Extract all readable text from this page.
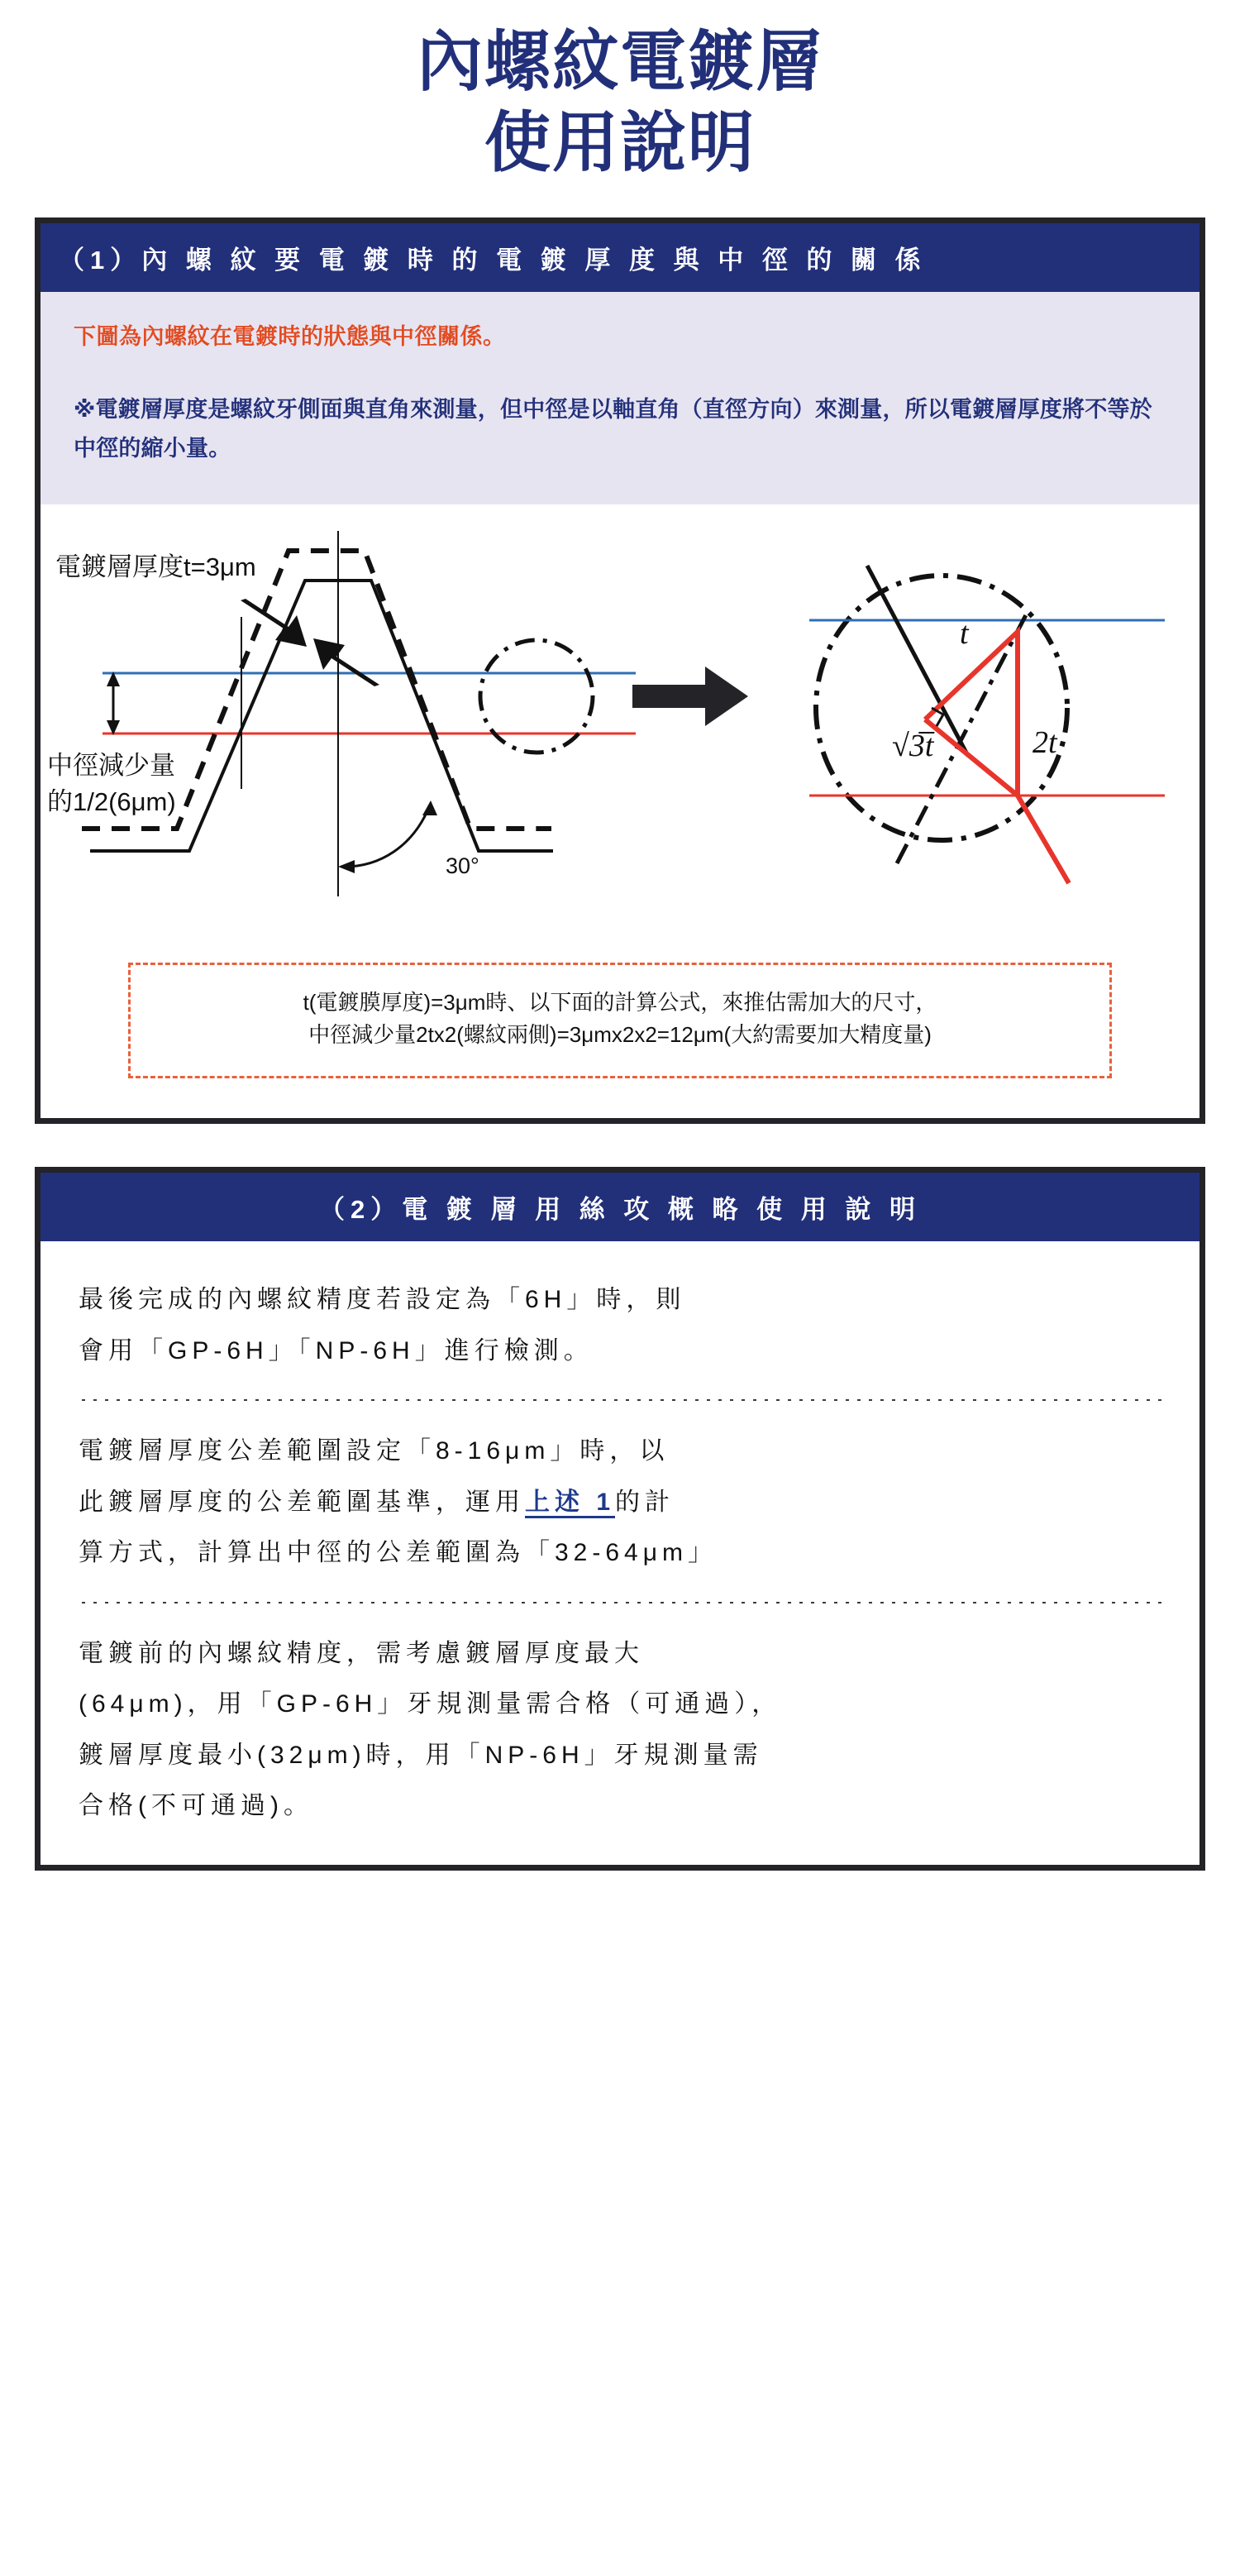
內螺紋電鍍層
使用說明
（1）內 螺 紋 要 電 鍍 時 的 電 鍍 厚 度 與 中 徑 的 關 係

下圖為內螺紋在電鍍時的狀態與中徑關係。

※電鍍層厚度是螺紋牙側面與直角來測量，但中徑是以軸直角（直徑方向）來測量，所以電鍍層厚度將不等於中徑的縮小量。

電鍍層厚度t=3μm
中徑減少量
的1/2(6μm)
30°
t
√3̅t	2t
t(電鍍膜厚度)=3μm時、以下面的計算公式，來推估需加大的尺寸，
中徑減少量2tx2(螺紋兩側)=3μmx2x2=12μm(大約需要加大精度量)
（2）電 鍍 層 用 絲 攻 概 略 使 用 說 明

最後完成的內螺紋精度若設定為「6H」時，則

會用「GP-6H」「NP-6H」進行檢測。

電鍍層厚度公差範圍設定「8-16μm」時，以

此鍍層厚度的公差範圍基準，運用上述 1的計

算方式，計算出中徑的公差範圍為「32-64μm」

電鍍前的內螺紋精度，需考慮鍍層厚度最大

(64μm)，用「GP-6H」牙規測量需合格（可通過），

鍍層厚度最小(32μm)時，用「NP-6H」牙規測量需

合格(不可通過)。
